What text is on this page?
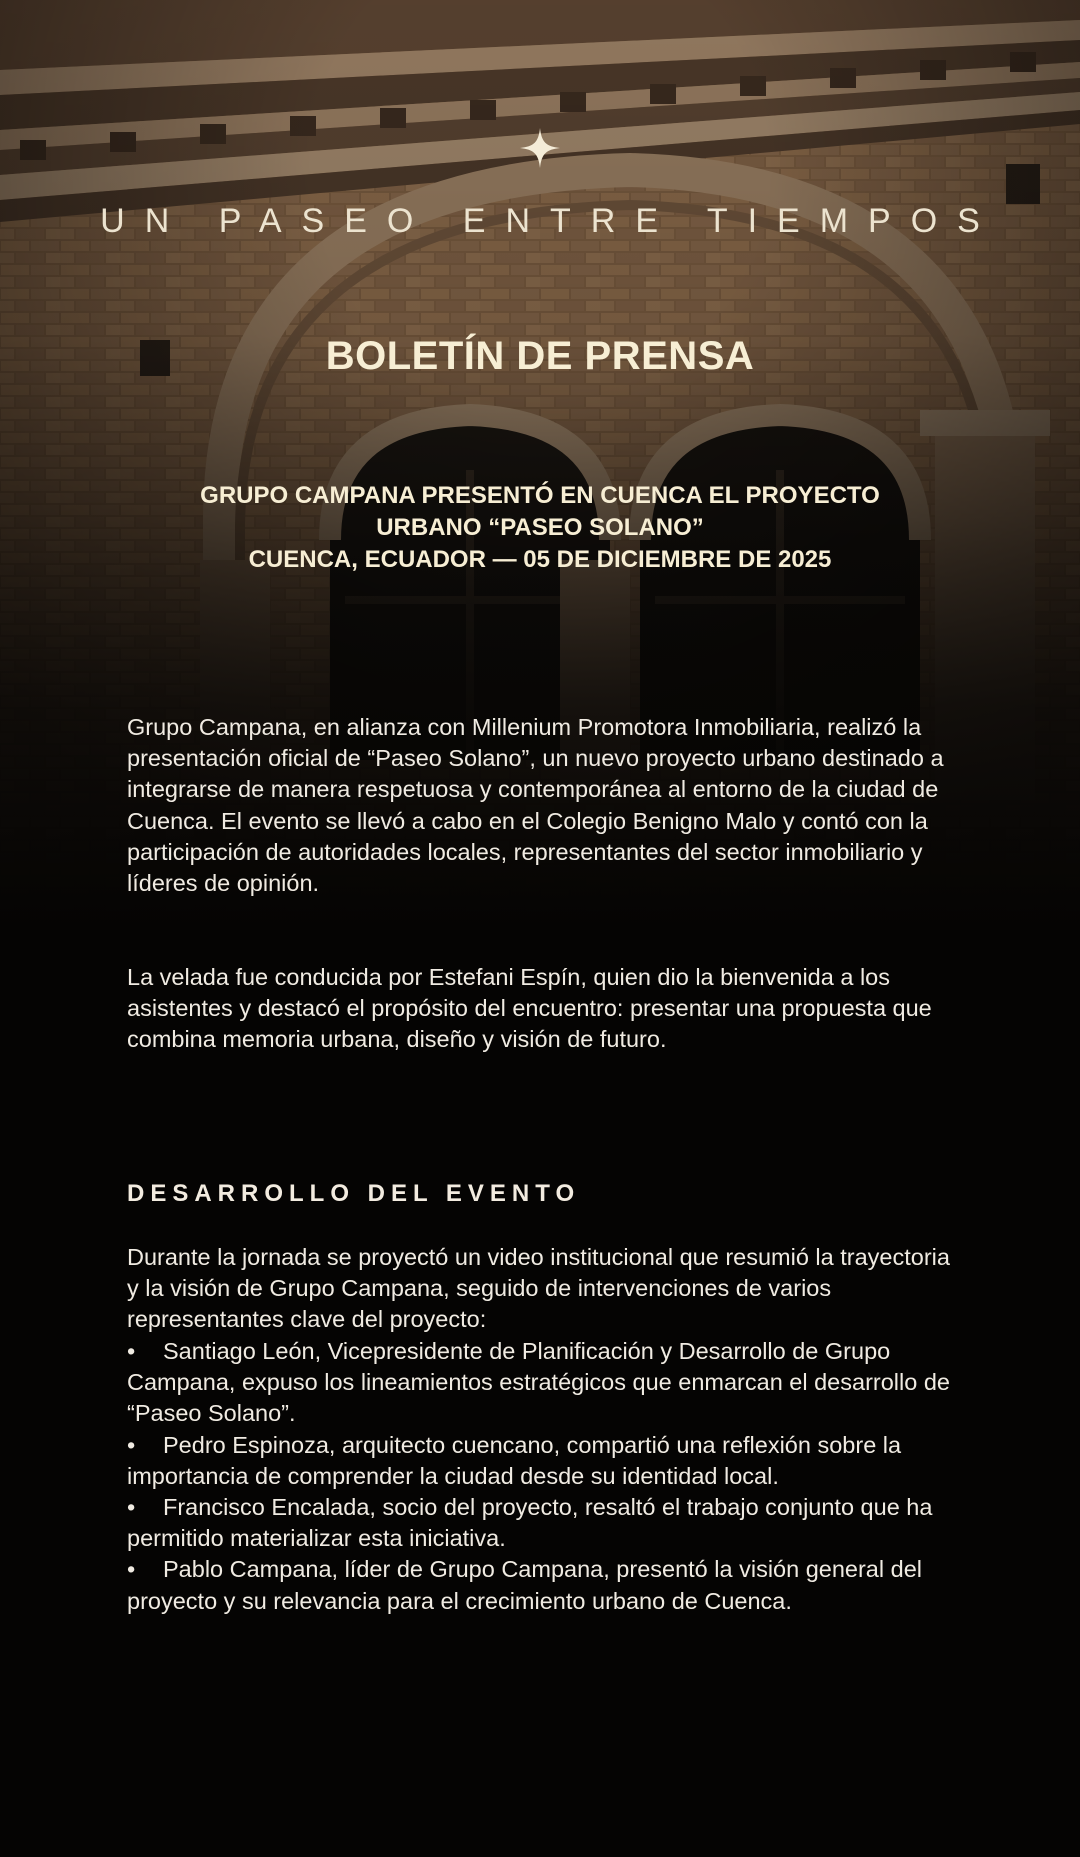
UN PASEO ENTRE TIEMPOS
BOLETÍN DE PRENSA
GRUPO CAMPANA PRESENTÓ EN CUENCA EL PROYECTO
URBANO “PASEO SOLANO”
CUENCA, ECUADOR — 05 DE DICIEMBRE DE 2025

Grupo Campana, en alianza con Millenium Promotora Inmobiliaria, realizó la presentación oficial de “Paseo Solano”, un nuevo proyecto urbano destinado a integrarse de manera respetuosa y contemporánea al entorno de la ciudad de Cuenca. El evento se llevó a cabo en el Colegio Benigno Malo y contó con la participación de autoridades locales, representantes del sector inmobiliario y líderes de opinión.

La velada fue conducida por Estefani Espín, quien dio la bienvenida a los asistentes y destacó el propósito del encuentro: presentar una propuesta que combina memoria urbana, diseño y visión de futuro.

DESARROLLO DEL EVENTO

Durante la jornada se proyectó un video institucional que resumió la trayectoria y la visión de Grupo Campana, seguido de intervenciones de varios representantes clave del proyecto:

• Santiago León, Vicepresidente de Planificación y Desarrollo de Grupo Campana, expuso los lineamientos estratégicos que enmarcan el desarrollo de “Paseo Solano”.
• Pedro Espinoza, arquitecto cuencano, compartió una reflexión sobre la importancia de comprender la ciudad desde su identidad local.
• Francisco Encalada, socio del proyecto, resaltó el trabajo conjunto que ha permitido materializar esta iniciativa.
• Pablo Campana, líder de Grupo Campana, presentó la visión general del proyecto y su relevancia para el crecimiento urbano de Cuenca.
